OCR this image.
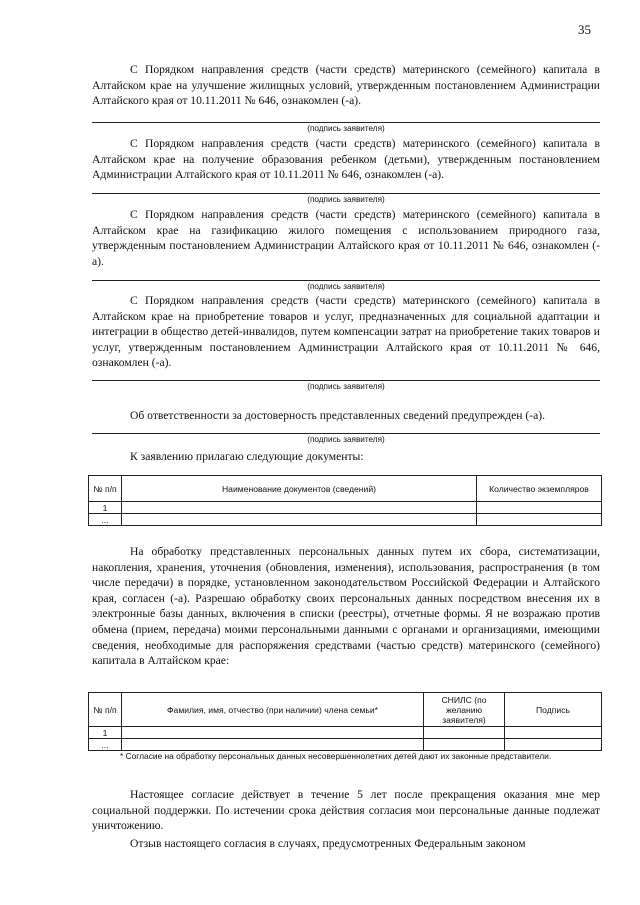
35

С Порядком направления средств (части средств) материнского (семейного) капитала в Алтайском крае на улучшение жилищных условий, утвержденным постановлением Администрации Алтайского края от 10.11.2011 № 646, ознакомлен (-а).

(подпись заявителя)

С Порядком направления средств (части средств) материнского (семейного) капитала в Алтайском крае на получение образования ребенком (детьми), утвержденным постановлением Администрации Алтайского края от 10.11.2011 № 646, ознакомлен (-а).

(подпись заявителя)

С Порядком направления средств (части средств) материнского (семейного) капитала в Алтайском крае на газификацию жилого помещения с использованием природного газа, утвержденным постановлением Администрации Алтайского края от 10.11.2011 № 646, ознакомлен (-а).

(подпись заявителя)

С Порядком направления средств (части средств) материнского (семейного) капитала в Алтайском крае на приобретение товаров и услуг, предназначенных для социальной адаптации и интеграции в общество детей-инвалидов, путем компенсации затрат на приобретение таких товаров и услуг, утвержденным постановлением Администрации Алтайского края от 10.11.2011 № 646, ознакомлен (-а).

(подпись заявителя)

Об ответственности за достоверность представленных сведений предупрежден (-а).

(подпись заявителя)

К заявлению прилагаю следующие документы:

№ п/п	Наименование документов (сведений)	Количество экземпляров
1		
...		

На обработку представленных персональных данных путем их сбора, систематизации, накопления, хранения, уточнения (обновления, изменения), использования, распространения (в том числе передачи) в порядке, установленном законодательством Российской Федерации и Алтайского края, согласен (-а). Разрешаю обработку своих персональных данных посредством внесения их в электронные базы данных, включения в списки (реестры), отчетные формы. Я не возражаю против обмена (прием, передача) моими персональными данными с органами и организациями, имеющими сведения, необходимые для распоряжения средствами (частью средств) материнского (семейного) капитала в Алтайском крае:

№ п/п	Фамилия, имя, отчество (при наличии) члена семьи*	СНИЛС (по желанию заявителя)	Подпись
1			
...			
* Согласие на обработку персональных данных несовершеннолетних детей дают их законные представители.

Настоящее согласие действует в течение 5 лет после прекращения оказания мне мер социальной поддержки. По истечении срока действия согласия мои персональные данные подлежат уничтожению.

Отзыв настоящего согласия в случаях, предусмотренных Федеральным законом
